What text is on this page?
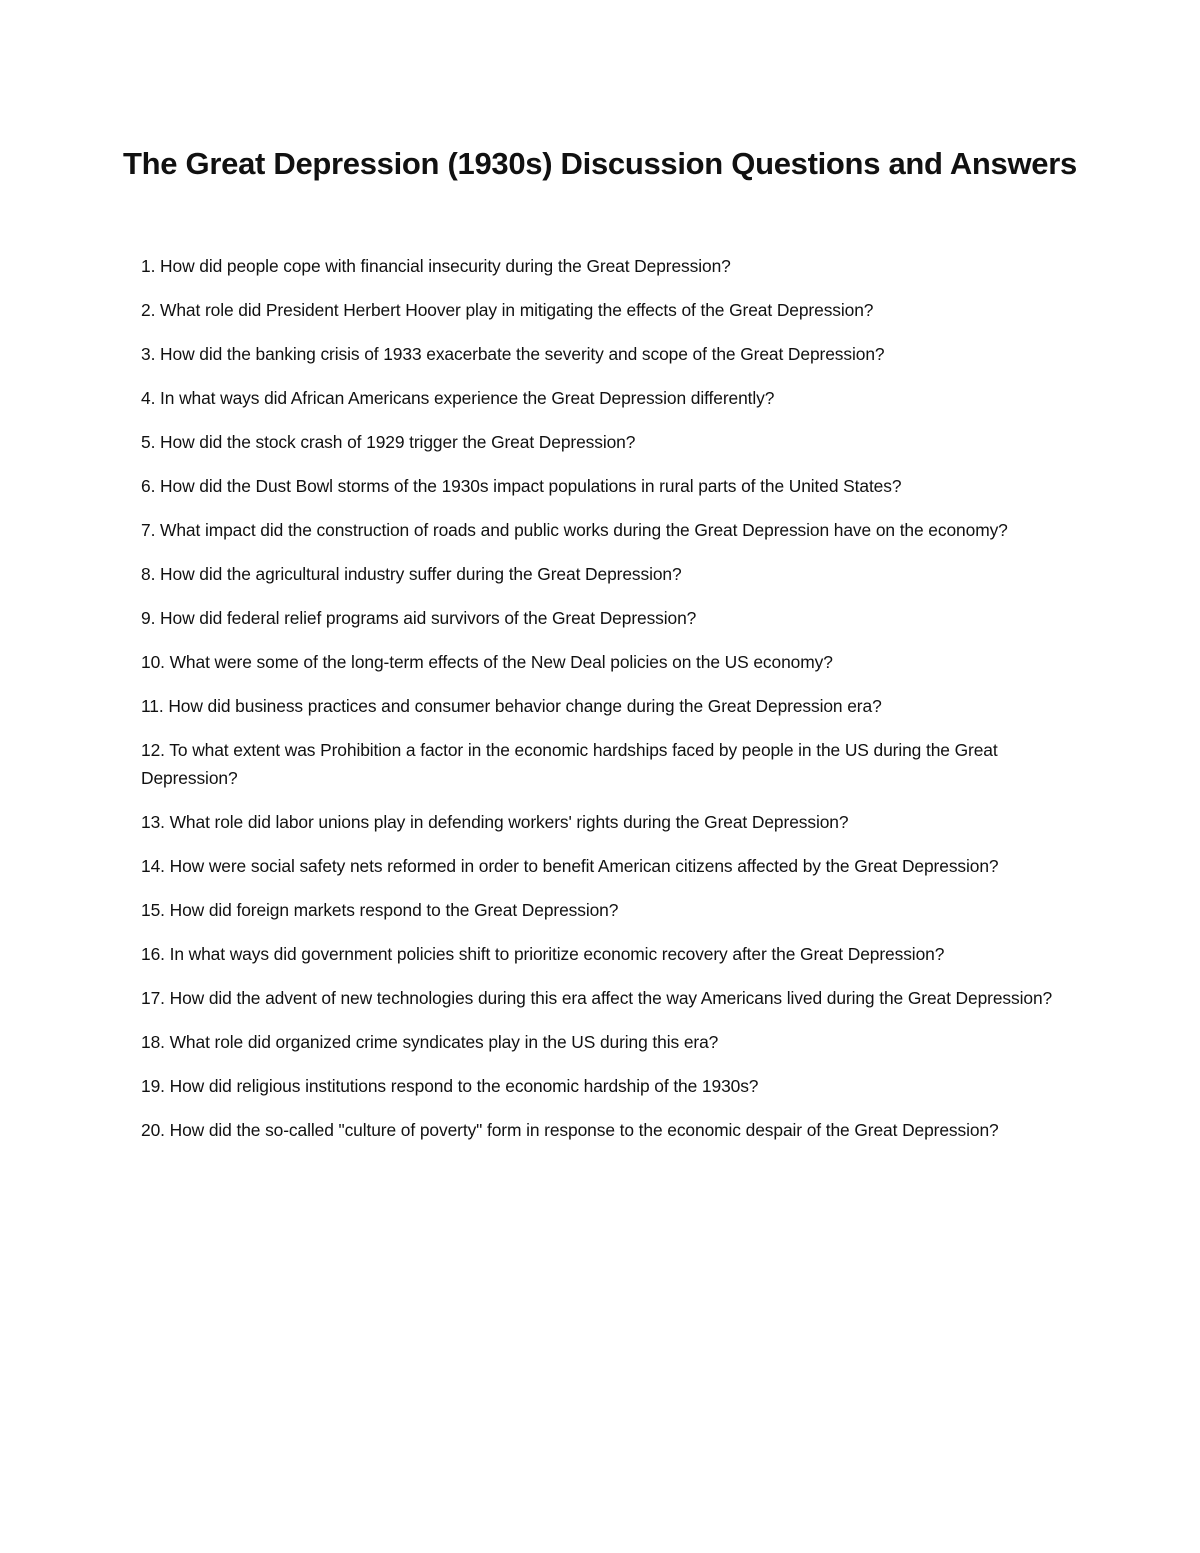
The Great Depression (1930s) Discussion Questions and Answers
1. How did people cope with financial insecurity during the Great Depression?
2. What role did President Herbert Hoover play in mitigating the effects of the Great Depression?
3. How did the banking crisis of 1933 exacerbate the severity and scope of the Great Depression?
4. In what ways did African Americans experience the Great Depression differently?
5. How did the stock crash of 1929 trigger the Great Depression?
6. How did the Dust Bowl storms of the 1930s impact populations in rural parts of the United States?
7. What impact did the construction of roads and public works during the Great Depression have on the economy?
8. How did the agricultural industry suffer during the Great Depression?
9. How did federal relief programs aid survivors of the Great Depression?
10. What were some of the long-term effects of the New Deal policies on the US economy?
11. How did business practices and consumer behavior change during the Great Depression era?
12. To what extent was Prohibition a factor in the economic hardships faced by people in the US during the Great Depression?
13. What role did labor unions play in defending workers' rights during the Great Depression?
14. How were social safety nets reformed in order to benefit American citizens affected by the Great Depression?
15. How did foreign markets respond to the Great Depression?
16. In what ways did government policies shift to prioritize economic recovery after the Great Depression?
17. How did the advent of new technologies during this era affect the way Americans lived during the Great Depression?
18. What role did organized crime syndicates play in the US during this era?
19. How did religious institutions respond to the economic hardship of the 1930s?
20. How did the so-called "culture of poverty" form in response to the economic despair of the Great Depression?
